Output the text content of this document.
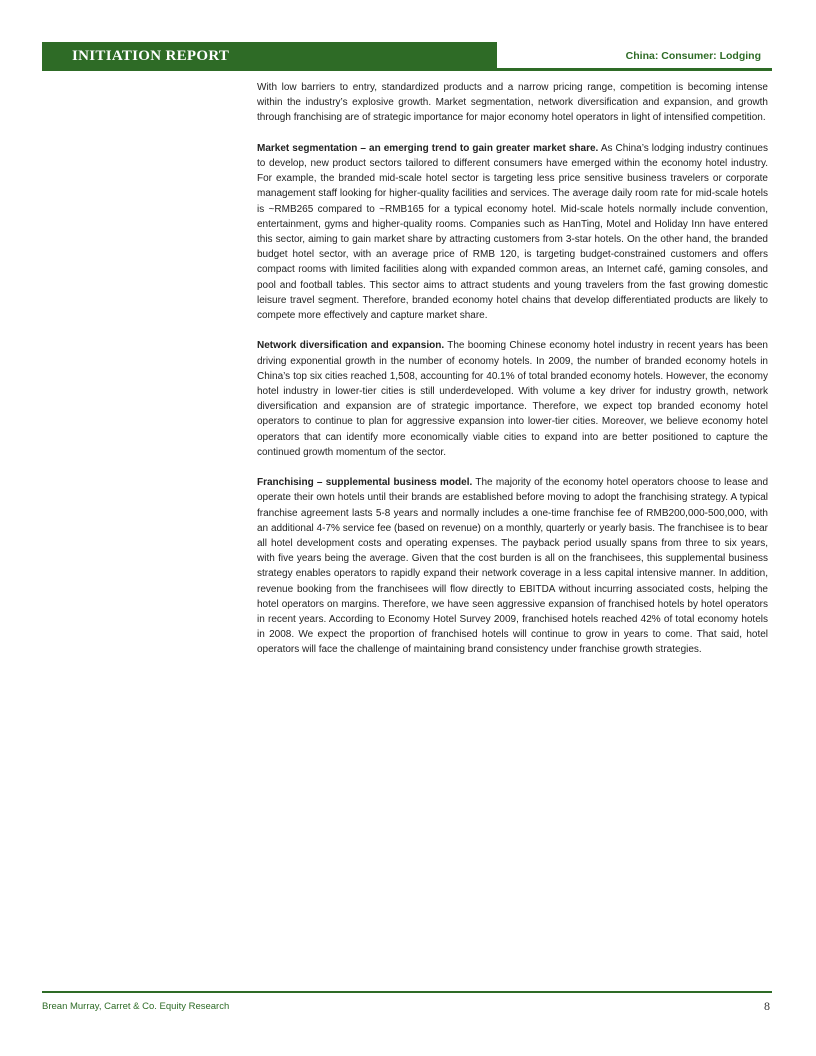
INITIATION REPORT	China: Consumer: Lodging

With low barriers to entry, standardized products and a narrow pricing range, competition is becoming intense within the industry’s explosive growth. Market segmentation, network diversification and expansion, and growth through franchising are of strategic importance for major economy hotel operators in light of intensified competition.

Market segmentation – an emerging trend to gain greater market share. As China’s lodging industry continues to develop, new product sectors tailored to different consumers have emerged within the economy hotel industry. For example, the branded mid-scale hotel sector is targeting less price sensitive business travelers or corporate management staff looking for higher-quality facilities and services. The average daily room rate for mid-scale hotels is ~RMB265 compared to ~RMB165 for a typical economy hotel. Mid-scale hotels normally include convention, entertainment, gyms and higher-quality rooms. Companies such as HanTing, Motel and Holiday Inn have entered this sector, aiming to gain market share by attracting customers from 3-star hotels. On the other hand, the branded budget hotel sector, with an average price of RMB 120, is targeting budget-constrained customers and offers compact rooms with limited facilities along with expanded common areas, an Internet café, gaming consoles, and pool and football tables. This sector aims to attract students and young travelers from the fast growing domestic leisure travel segment. Therefore, branded economy hotel chains that develop differentiated products are likely to compete more effectively and capture market share.

Network diversification and expansion. The booming Chinese economy hotel industry in recent years has been driving exponential growth in the number of economy hotels. In 2009, the number of branded economy hotels in China’s top six cities reached 1,508, accounting for 40.1% of total branded economy hotels. However, the economy hotel industry in lower-tier cities is still underdeveloped. With volume a key driver for industry growth, network diversification and expansion are of strategic importance. Therefore, we expect top branded economy hotel operators to continue to plan for aggressive expansion into lower-tier cities. Moreover, we believe economy hotel operators that can identify more economically viable cities to expand into are better positioned to capture the continued growth momentum of the sector.

Franchising – supplemental business model. The majority of the economy hotel operators choose to lease and operate their own hotels until their brands are established before moving to adopt the franchising strategy. A typical franchise agreement lasts 5-8 years and normally includes a one-time franchise fee of RMB200,000-500,000, with an additional 4-7% service fee (based on revenue) on a monthly, quarterly or yearly basis. The franchisee is to bear all hotel development costs and operating expenses. The payback period usually spans from three to six years, with five years being the average. Given that the cost burden is all on the franchisees, this supplemental business strategy enables operators to rapidly expand their network coverage in a less capital intensive manner. In addition, revenue booking from the franchisees will flow directly to EBITDA without incurring associated costs, helping the hotel operators on margins. Therefore, we have seen aggressive expansion of franchised hotels by hotel operators in recent years. According to Economy Hotel Survey 2009, franchised hotels reached 42% of total economy hotels in 2008. We expect the proportion of franchised hotels will continue to grow in years to come. That said, hotel operators will face the challenge of maintaining brand consistency under franchise growth strategies.

Brean Murray, Carret & Co. Equity Research	8
